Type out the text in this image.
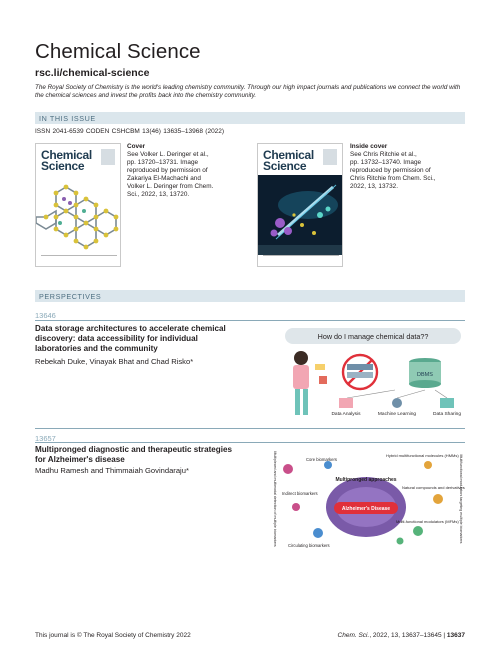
Chemical Science
rsc.li/chemical-science
The Royal Society of Chemistry is the world's leading chemistry community. Through our high impact journals and publications we connect the world with the chemical sciences and invest the profits back into the chemistry community.
IN THIS ISSUE
ISSN 2041-6539 CODEN CSHCBM 13(46) 13635–13968 (2022)
Chemical
Science
Cover
See Volker L. Deringer et al.,
pp. 13720–13731. Image
reproduced by permission of
Zakariya El-Machachi and
Volker L. Deringer from Chem.
Sci., 2022, 13, 13720.
Chemical
Science
Inside cover
See Chris Ritchie et al.,
pp. 13732–13740. Image
reproduced by permission of
Chris Ritchie from Chem. Sci.,
2022, 13, 13732.
PERSPECTIVES
13646
Data storage architectures to accelerate chemical
discovery: data accessibility for individual
laboratories and the community
Rebekah Duke, Vinayak Bhat and Chad Risko*
How do I manage chemical data??
DBMS
Data Analysis	Machine Learning	Data Sharing
13657
Multipronged diagnostic and therapeutic strategies
for Alzheimer's disease
Madhu Ramesh and Thimmaiah Govindaraju*	Multiplexed and multimodal detection of multiple biomarkers	Multifunctional modulators targeting multiple biomarkers
Alzheimer's Disease
Multipronged approaches
Core biomarkers
Indirect biomarkers
Circulating biomarkers
Hybrid multifunctional molecules (HMMs)
Natural compounds and derivatives
Multi-functional modulators (MFMs)
This journal is © The Royal Society of Chemistry 2022	Chem. Sci., 2022, 13, 13637–13645 | 13637
